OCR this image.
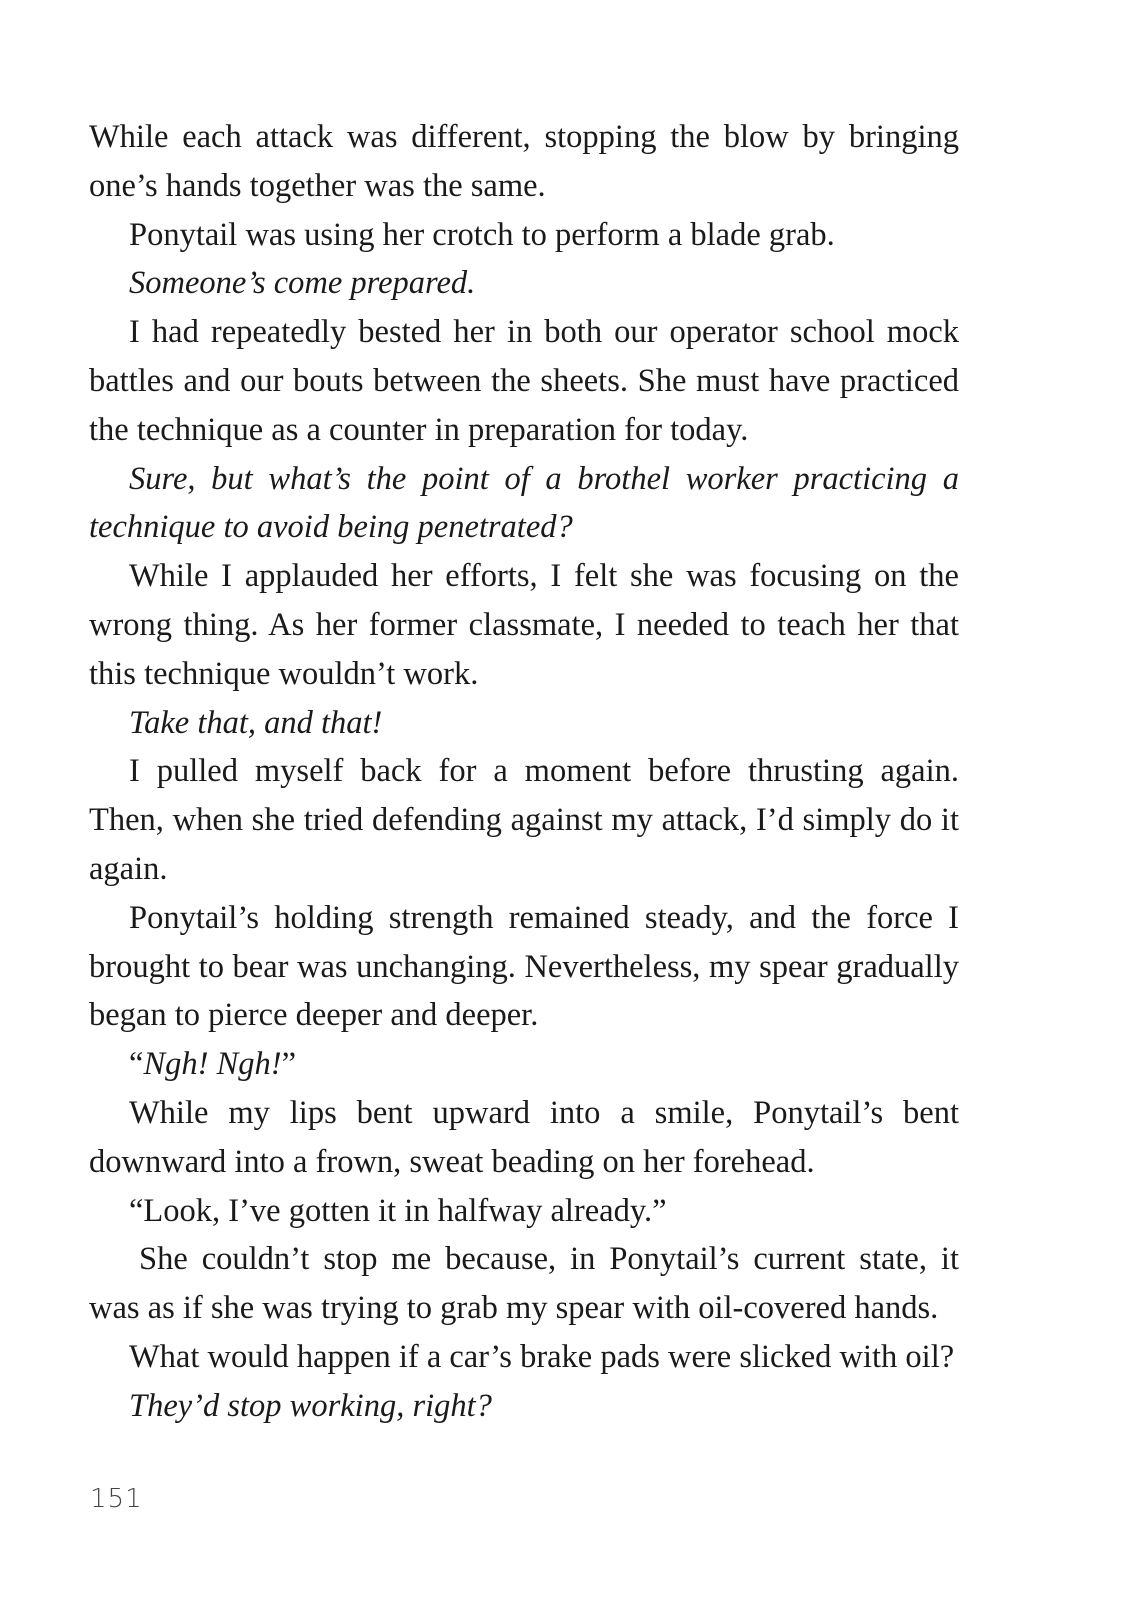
While each attack was different, stopping the blow by bringing one’s hands together was the same.

Ponytail was using her crotch to perform a blade grab.

Someone’s come prepared.

I had repeatedly bested her in both our operator school mock battles and our bouts between the sheets. She must have practiced the technique as a counter in preparation for today.

Sure, but what’s the point of a brothel worker practicing a technique to avoid being penetrated?

While I applauded her efforts, I felt she was focusing on the wrong thing. As her former classmate, I needed to teach her that this technique wouldn’t work.

Take that, and that!

I pulled myself back for a moment before thrusting again. Then, when she tried defending against my attack, I’d simply do it again.

Ponytail’s holding strength remained steady, and the force I brought to bear was unchanging. Nevertheless, my spear gradually began to pierce deeper and deeper.

“Ngh! Ngh!”

While my lips bent upward into a smile, Ponytail’s bent downward into a frown, sweat beading on her forehead.

“Look, I’ve gotten it in halfway already.”

She couldn’t stop me because, in Ponytail’s current state, it was as if she was trying to grab my spear with oil-covered hands.

What would happen if a car’s brake pads were slicked with oil?

They’d stop working, right?

151
